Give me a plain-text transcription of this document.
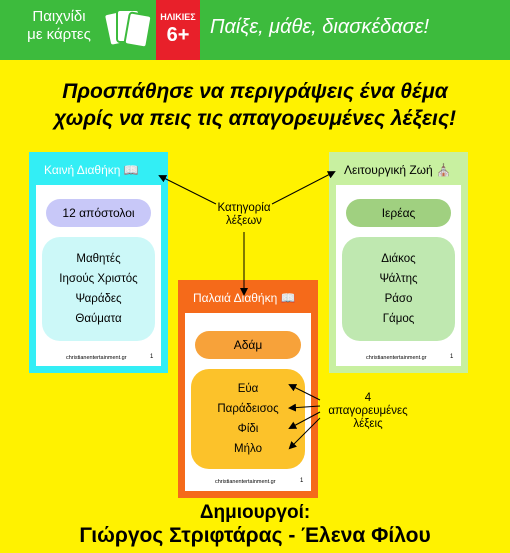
Παιχνίδι
με κάρτες
ΗΛΙΚΙΕΣ
6+	Παίξε, μάθε, διασκέδασε!
Προσπάθησε να περιγράψεις ένα θέμα
χωρίς να πεις τις απαγορευμένες λέξεις!
Καινή Διαθήκη 📖
12 απόστολοι
Μαθητές
Ιησούς Χριστός
Ψαράδες
Θαύματα
christianentertainment.gr	1
Λειτουργική Ζωή ⛪
Ιερέας
Διάκος
Ψάλτης
Ράσο
Γάμος
christianentertainment.gr	1
Παλαιά Διαθήκη 📖
Αδάμ
Εύα
Παράδεισος
Φίδι
Μήλο
christianentertainment.gr	1
Κατηγορία
λέξεων
4
απαγορευμένες
λέξεις
Δημιουργοί:
Γιώργος Στριφτάρας - Έλενα Φίλου
